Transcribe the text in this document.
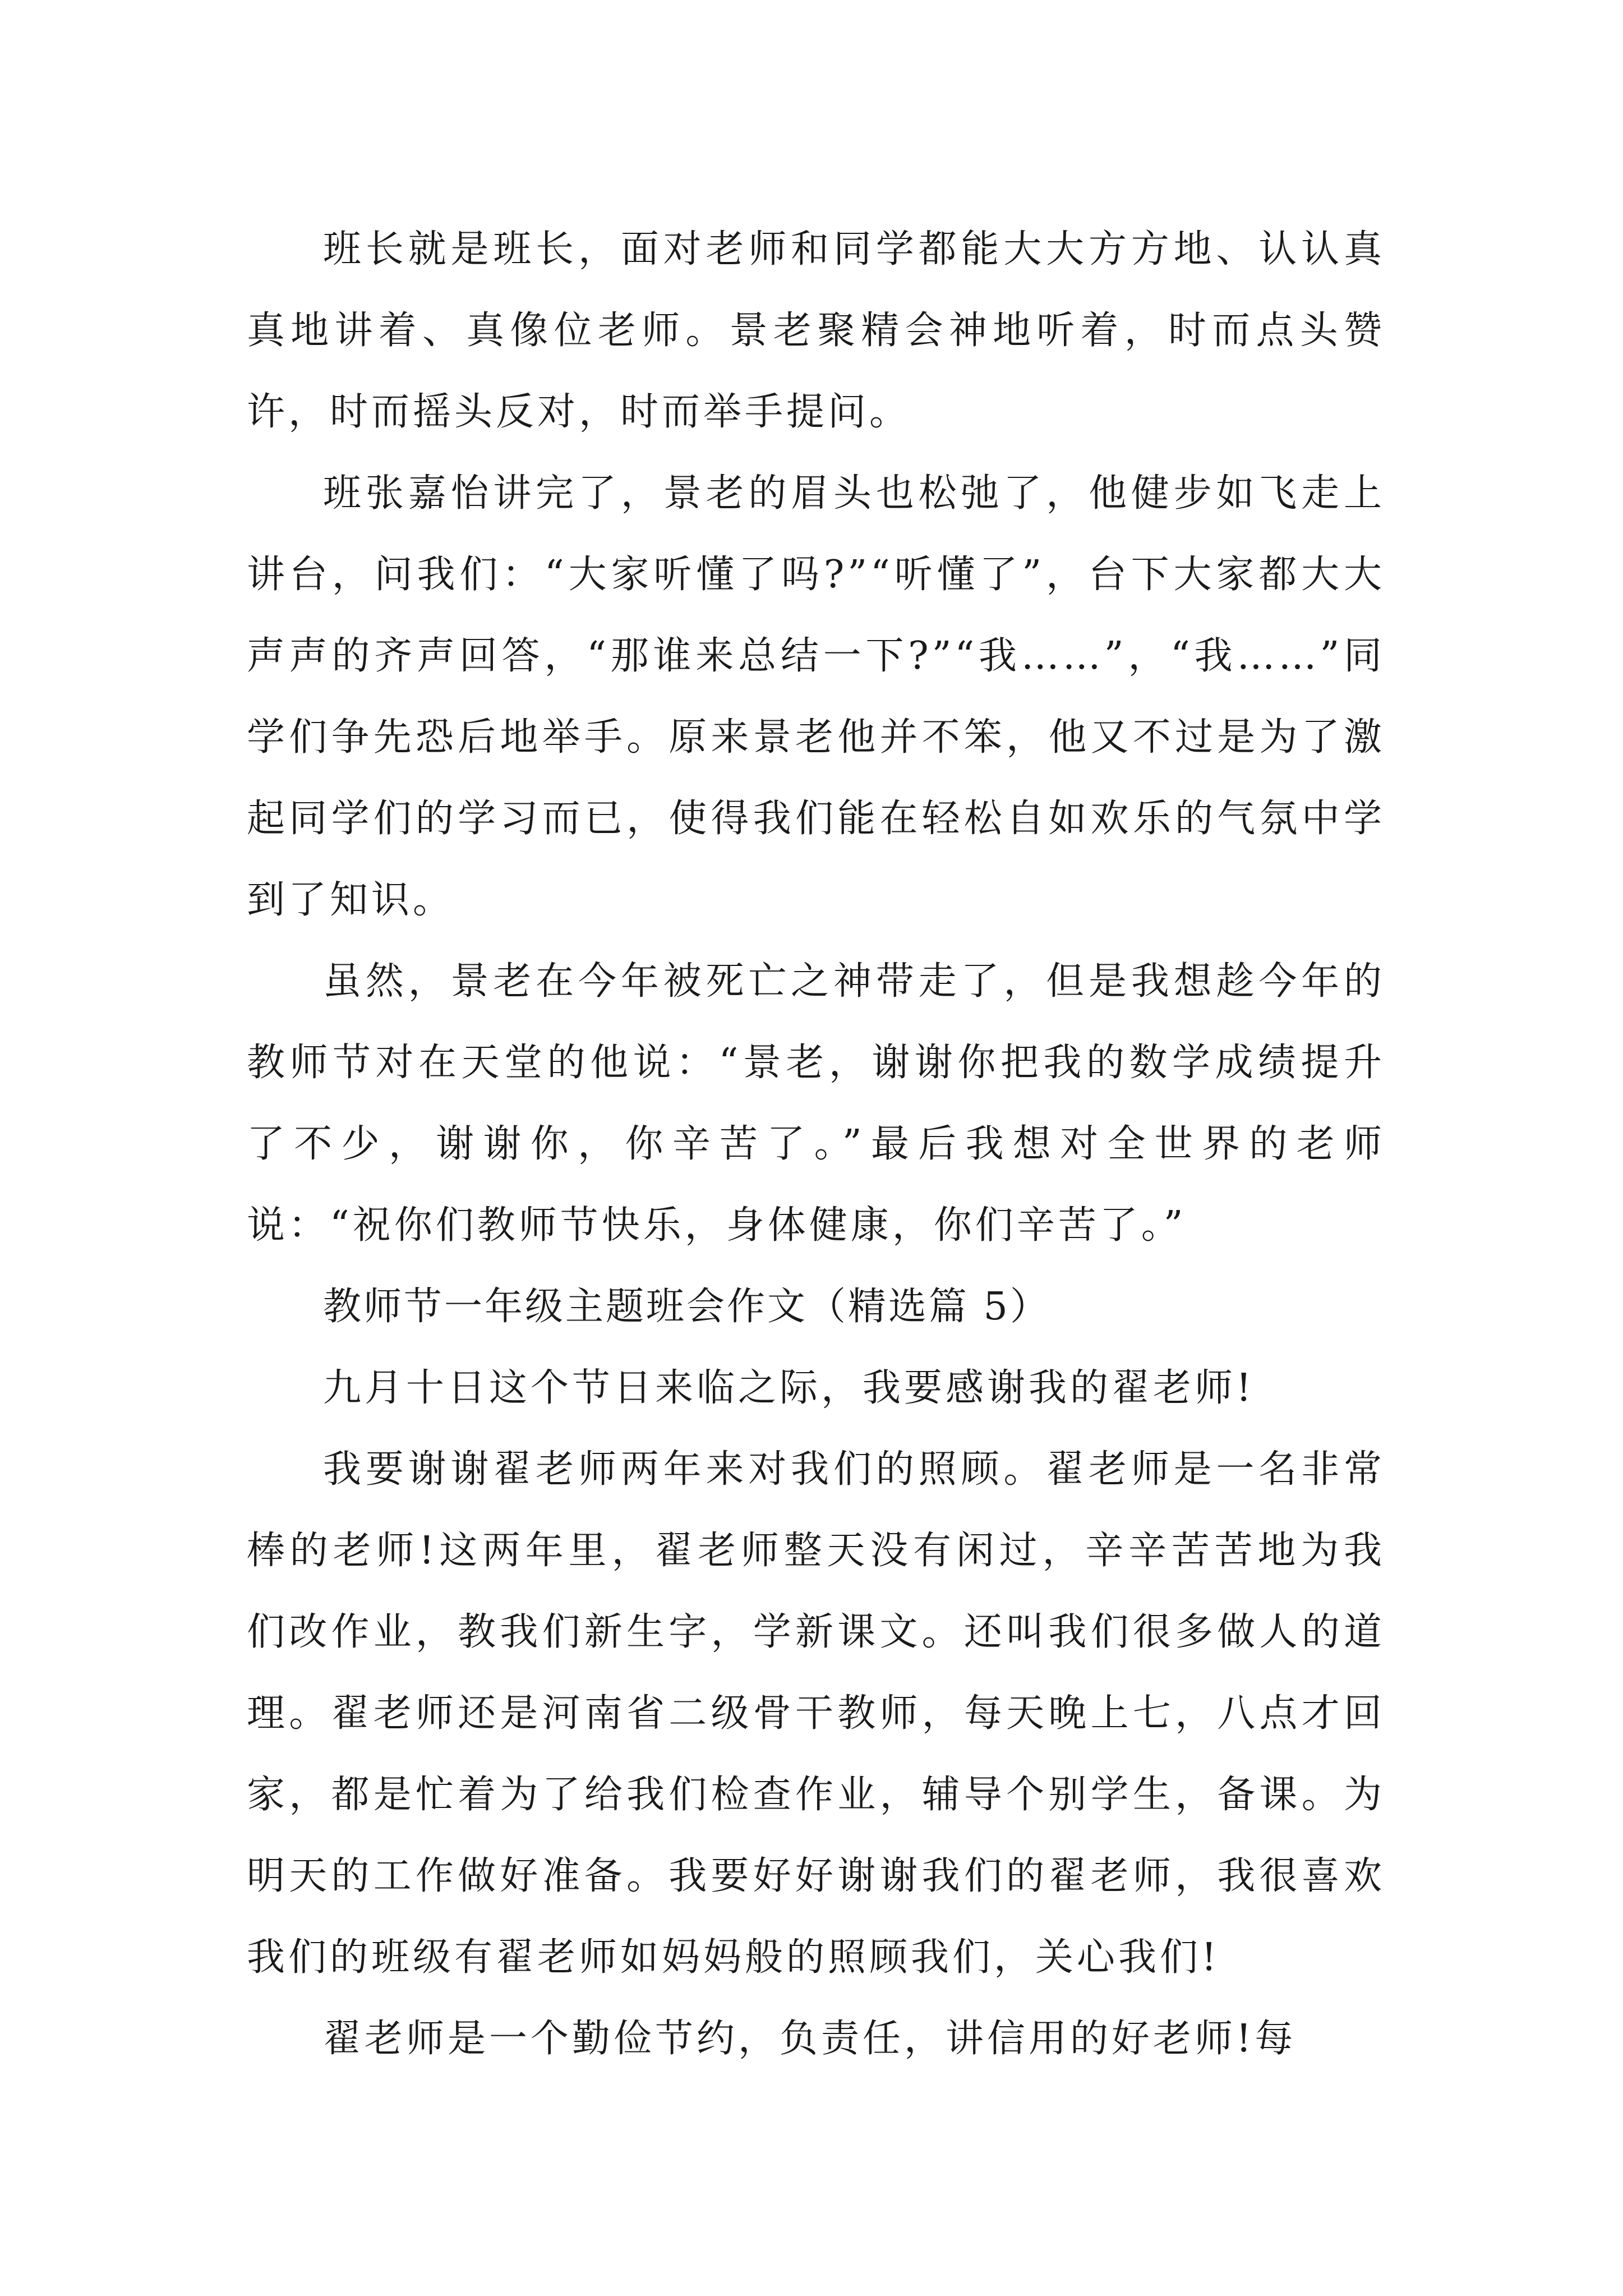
班长就是班长，面对老师和同学都能大大方方地、认认真真地讲着、真像位老师。景老聚精会神地听着，时而点头赞许，时而摇头反对，时而举手提问。

班张嘉怡讲完了，景老的眉头也松弛了，他健步如飞走上讲台，问我们：“大家听懂了吗?”“听懂了”，台下大家都大大声声的齐声回答，“那谁来总结一下?”“我……”，“我……”同学们争先恐后地举手。原来景老他并不笨，他又不过是为了激起同学们的学习而已，使得我们能在轻松自如欢乐的气氛中学到了知识。

虽然，景老在今年被死亡之神带走了，但是我想趁今年的教师节对在天堂的他说：“景老，谢谢你把我的数学成绩提升了不少，谢谢你，你辛苦了。”最后我想对全世界的老师说：“祝你们教师节快乐，身体健康，你们辛苦了。”

教师节一年级主题班会作文（精选篇 5）

九月十日这个节日来临之际，我要感谢我的翟老师!

我要谢谢翟老师两年来对我们的照顾。翟老师是一名非常棒的老师!这两年里，翟老师整天没有闲过，辛辛苦苦地为我们改作业，教我们新生字，学新课文。还叫我们很多做人的道理。翟老师还是河南省二级骨干教师，每天晚上七，八点才回家，都是忙着为了给我们检查作业，辅导个别学生，备课。为明天的工作做好准备。我要好好谢谢我们的翟老师，我很喜欢我们的班级有翟老师如妈妈般的照顾我们，关心我们!

翟老师是一个勤俭节约，负责任，讲信用的好老师!每
